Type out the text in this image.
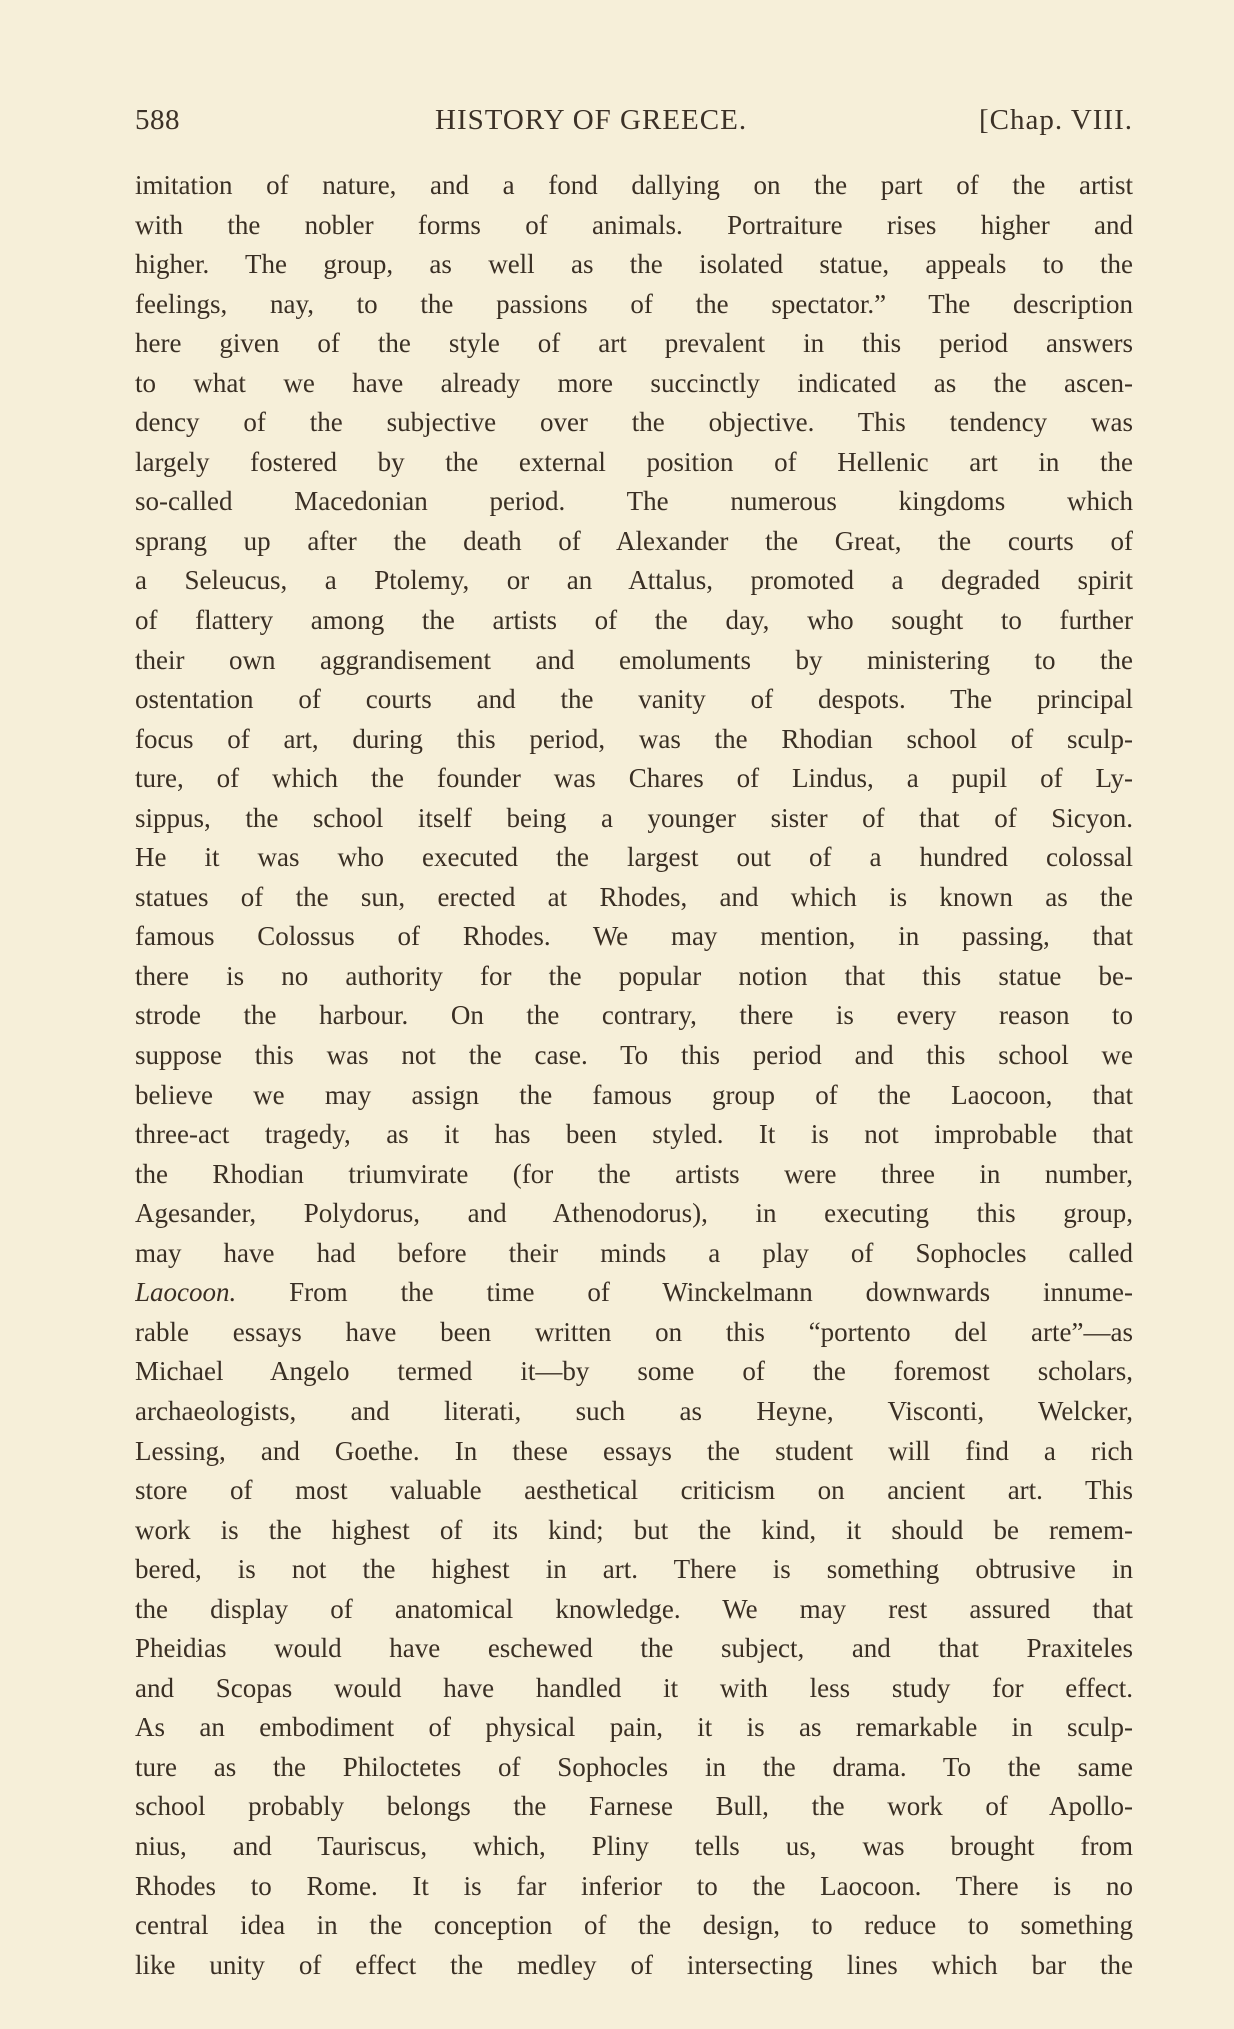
588	HISTORY OF GREECE.	[Chap. VIII.
imitation of nature, and a fond dallying on the part of the artist
with the nobler forms of animals. Portraiture rises higher and
higher. The group, as well as the isolated statue, appeals to the
feelings, nay, to the passions of the spectator.” The description
here given of the style of art prevalent in this period answers
to what we have already more succinctly indicated as the ascen-
dency of the subjective over the objective. This tendency was
largely fostered by the external position of Hellenic art in the
so-called Macedonian period. The numerous kingdoms which
sprang up after the death of Alexander the Great, the courts of
a Seleucus, a Ptolemy, or an Attalus, promoted a degraded spirit
of flattery among the artists of the day, who sought to further
their own aggrandisement and emoluments by ministering to the
ostentation of courts and the vanity of despots. The principal
focus of art, during this period, was the Rhodian school of sculp-
ture, of which the founder was Chares of Lindus, a pupil of Ly-
sippus, the school itself being a younger sister of that of Sicyon.
He it was who executed the largest out of a hundred colossal
statues of the sun, erected at Rhodes, and which is known as the
famous Colossus of Rhodes. We may mention, in passing, that
there is no authority for the popular notion that this statue be-
strode the harbour. On the contrary, there is every reason to
suppose this was not the case. To this period and this school we
believe we may assign the famous group of the Laocoon, that
three-act tragedy, as it has been styled. It is not improbable that
the Rhodian triumvirate (for the artists were three in number,
Agesander, Polydorus, and Athenodorus), in executing this group,
may have had before their minds a play of Sophocles called
Laocoon. From the time of Winckelmann downwards innume-
rable essays have been written on this “portento del arte”—as
Michael Angelo termed it—by some of the foremost scholars,
archaeologists, and literati, such as Heyne, Visconti, Welcker,
Lessing, and Goethe. In these essays the student will find a rich
store of most valuable aesthetical criticism on ancient art. This
work is the highest of its kind; but the kind, it should be remem-
bered, is not the highest in art. There is something obtrusive in
the display of anatomical knowledge. We may rest assured that
Pheidias would have eschewed the subject, and that Praxiteles
and Scopas would have handled it with less study for effect.
As an embodiment of physical pain, it is as remarkable in sculp-
ture as the Philoctetes of Sophocles in the drama. To the same
school probably belongs the Farnese Bull, the work of Apollo-
nius, and Tauriscus, which, Pliny tells us, was brought from
Rhodes to Rome. It is far inferior to the Laocoon. There is no
central idea in the conception of the design, to reduce to something
like unity of effect the medley of intersecting lines which bar the
